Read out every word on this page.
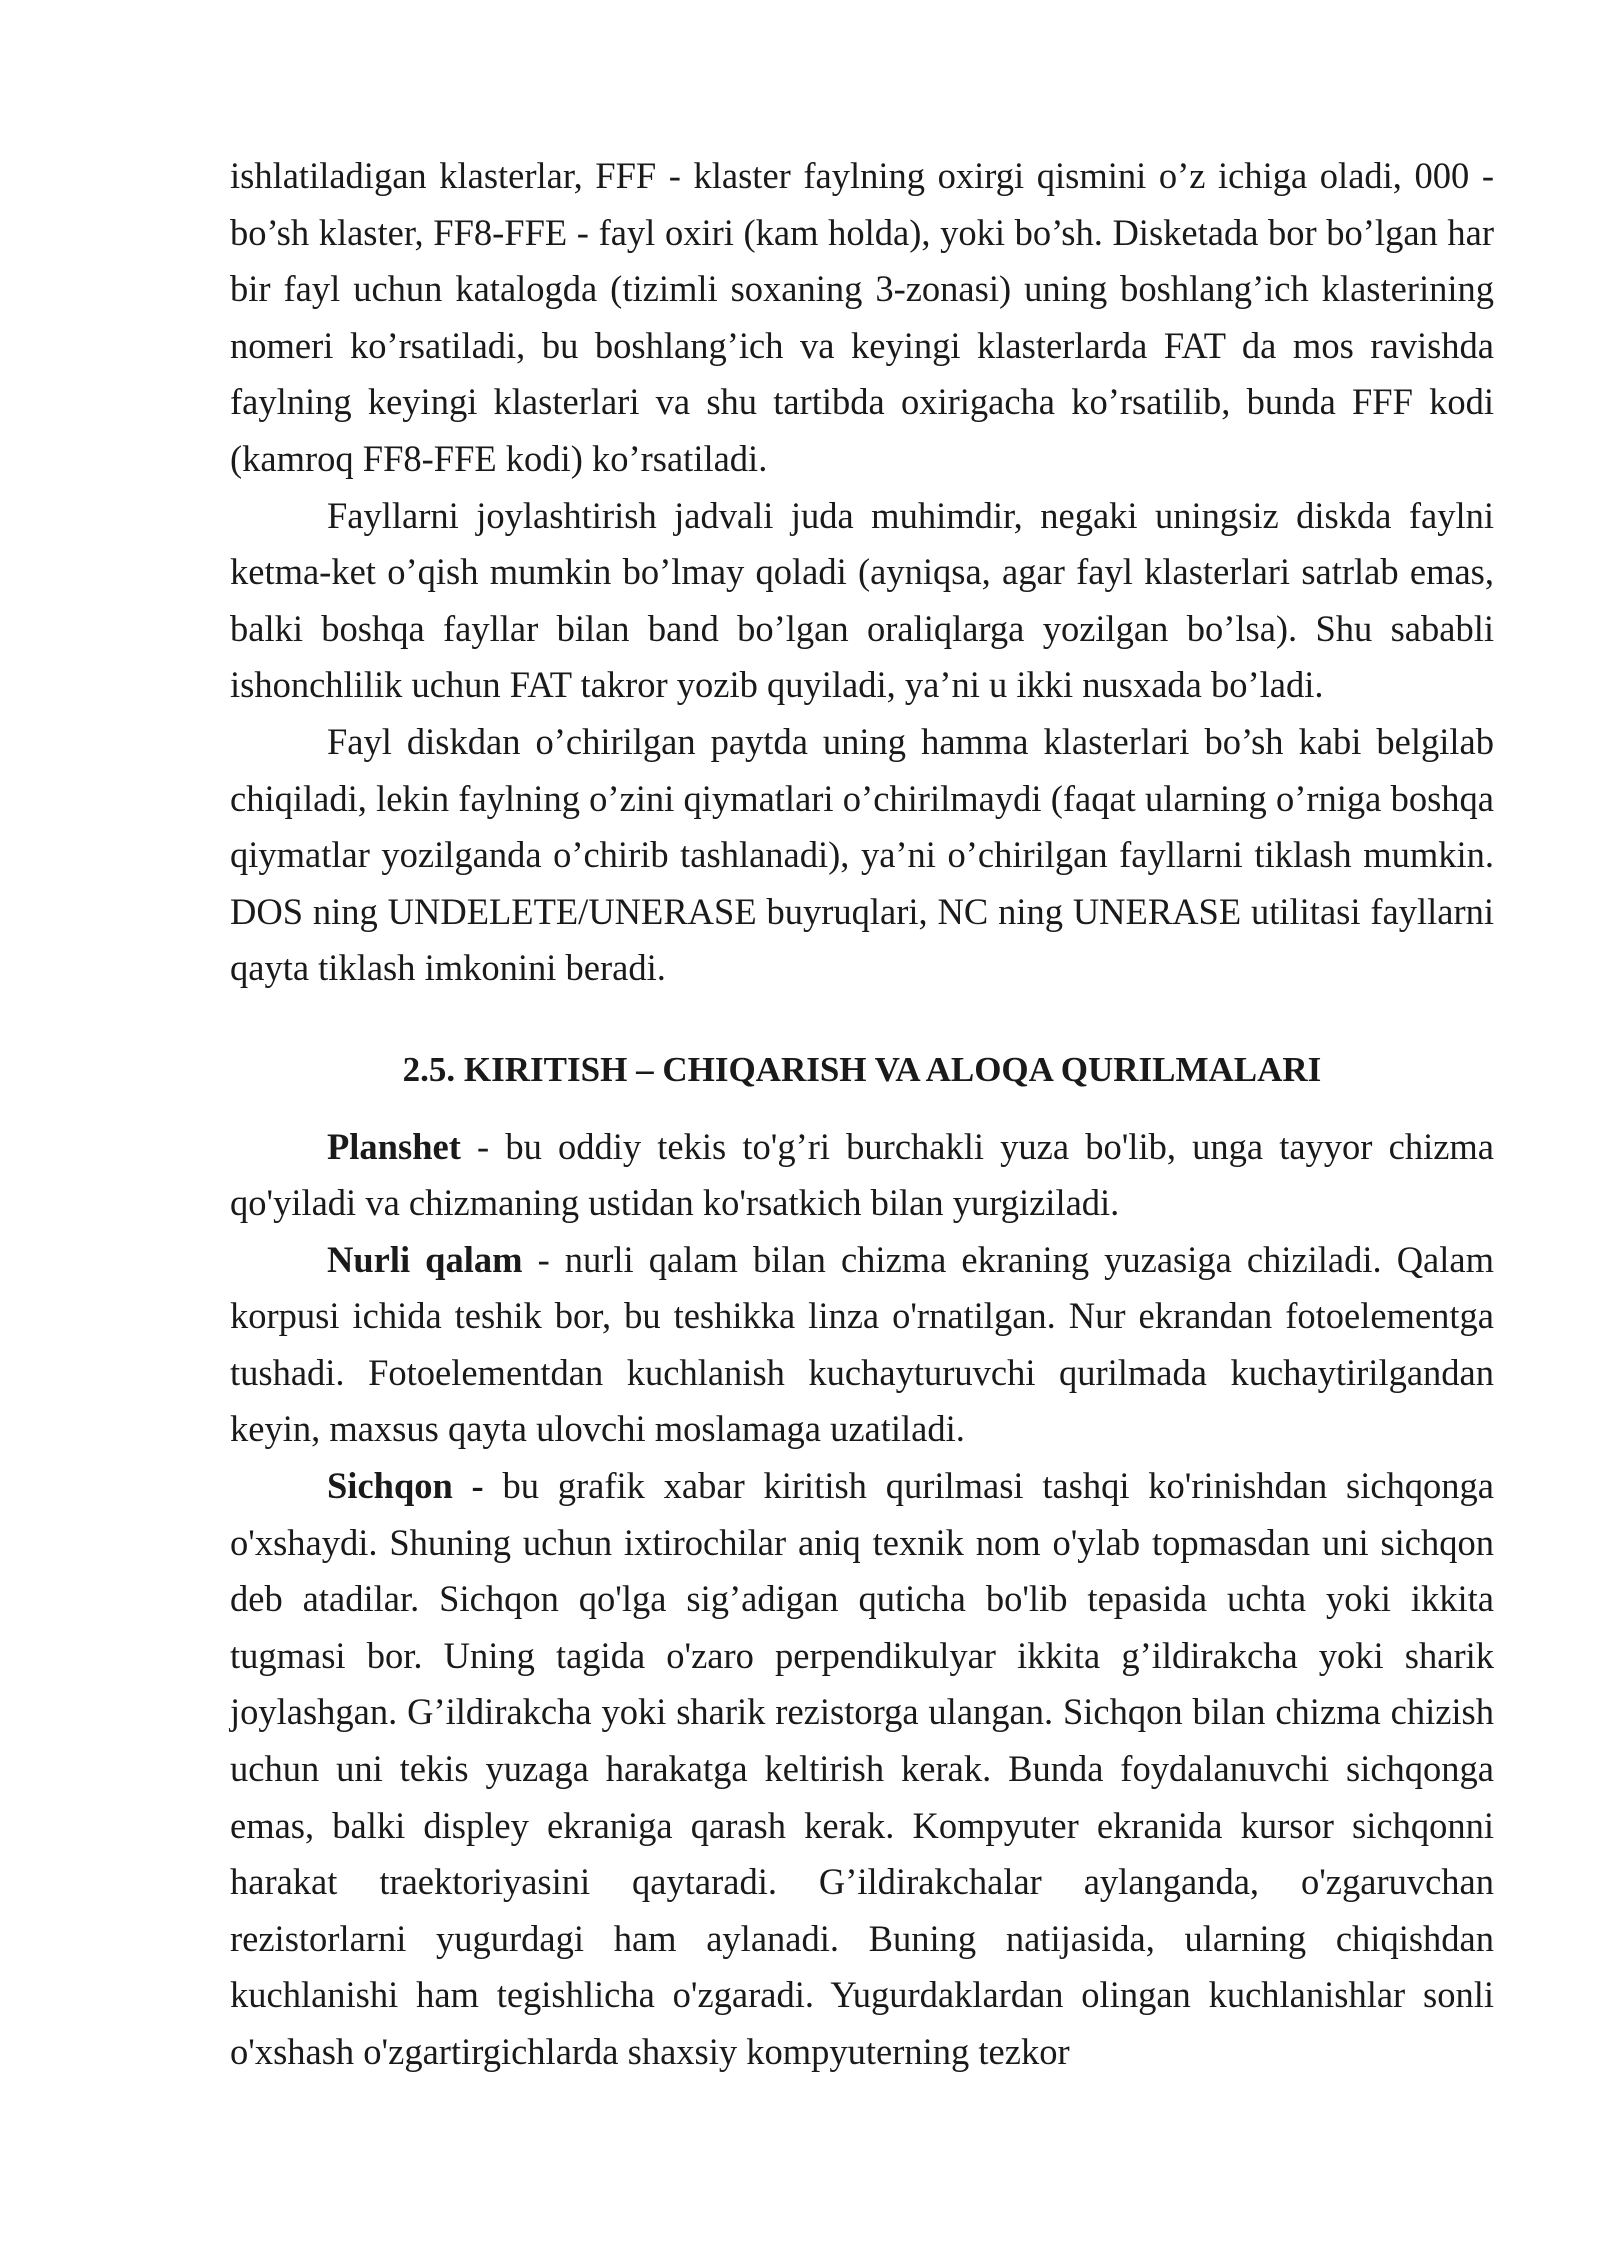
ishlatiladigan klasterlar, FFF - klaster faylning oxirgi qismini o’z ichiga oladi, 000 - bo’sh klaster, FF8-FFE - fayl oxiri (kam holda), yoki bo’sh. Disketada bor bo’lgan har bir fayl uchun katalogda (tizimli soxaning 3-zonasi) uning boshlang’ich klasterining nomeri ko’rsatiladi, bu boshlang’ich va keyingi klasterlarda FAT da mos ravishda faylning keyingi klasterlari va shu tartibda oxirigacha ko’rsatilib, bunda FFF kodi (kamroq FF8-FFE kodi) ko’rsatiladi.

Fayllarni joylashtirish jadvali juda muhimdir, negaki uningsiz diskda faylni ketma-ket o’qish mumkin bo’lmay qoladi (ayniqsa, agar fayl klasterlari satrlab emas, balki boshqa fayllar bilan band bo’lgan oraliqlarga yozilgan bo’lsa). Shu sababli ishonchlilik uchun FAT takror yozib quyiladi, ya’ni u ikki nusxada bo’ladi.

Fayl diskdan o’chirilgan paytda uning hamma klasterlari bo’sh kabi belgilab chiqiladi, lekin faylning o’zini qiymatlari o’chirilmaydi (faqat ularning o’rniga boshqa qiymatlar yozilganda o’chirib tashlanadi), ya’ni o’chirilgan fayllarni tiklash mumkin. DOS ning UNDELETE/UNERASE buyruqlari, NC ning UNERASE utilitasi fayllarni qayta tiklash imkonini beradi.

2.5. KIRITISH – CHIQARISH VA ALOQA QURILMALARI

Planshet - bu oddiy tekis to'g’ri burchakli yuza bo'lib, unga tayyor chizma qo'yiladi va chizmaning ustidan ko'rsatkich bilan yurgiziladi.

Nurli qalam - nurli qalam bilan chizma ekraning yuzasiga chiziladi. Qalam korpusi ichida teshik bor, bu teshikka linza o'rnatilgan. Nur ekrandan fotoelementga tushadi. Fotoelementdan kuchlanish kuchayturuvchi qurilmada kuchaytirilgandan keyin, maxsus qayta ulovchi moslamaga uzatiladi.

Sichqon - bu grafik xabar kiritish qurilmasi tashqi ko'rinishdan sichqonga o'xshaydi. Shuning uchun ixtirochilar aniq texnik nom o'ylab topmasdan uni sichqon deb atadilar. Sichqon qo'lga sig’adigan quticha bo'lib tepasida uchta yoki ikkita tugmasi bor. Uning tagida o'zaro perpendikulyar ikkita g’ildirakcha yoki sharik joylashgan. G’ildirakcha yoki sharik rezistorga ulangan. Sichqon bilan chizma chizish uchun uni tekis yuzaga harakatga keltirish kerak. Bunda foydalanuvchi sichqonga emas, balki displey ekraniga qarash kerak. Kompyuter ekranida kursor sichqonni harakat traektoriyasini qaytaradi. G’ildirakchalar aylanganda, o'zgaruvchan rezistorlarni yugurdagi ham aylanadi. Buning natijasida, ularning chiqishdan kuchlanishi ham tegishlicha o'zgaradi. Yugurdaklardan olingan kuchlanishlar sonli o'xshash o'zgartirgichlarda shaxsiy kompyuterning tezkor
